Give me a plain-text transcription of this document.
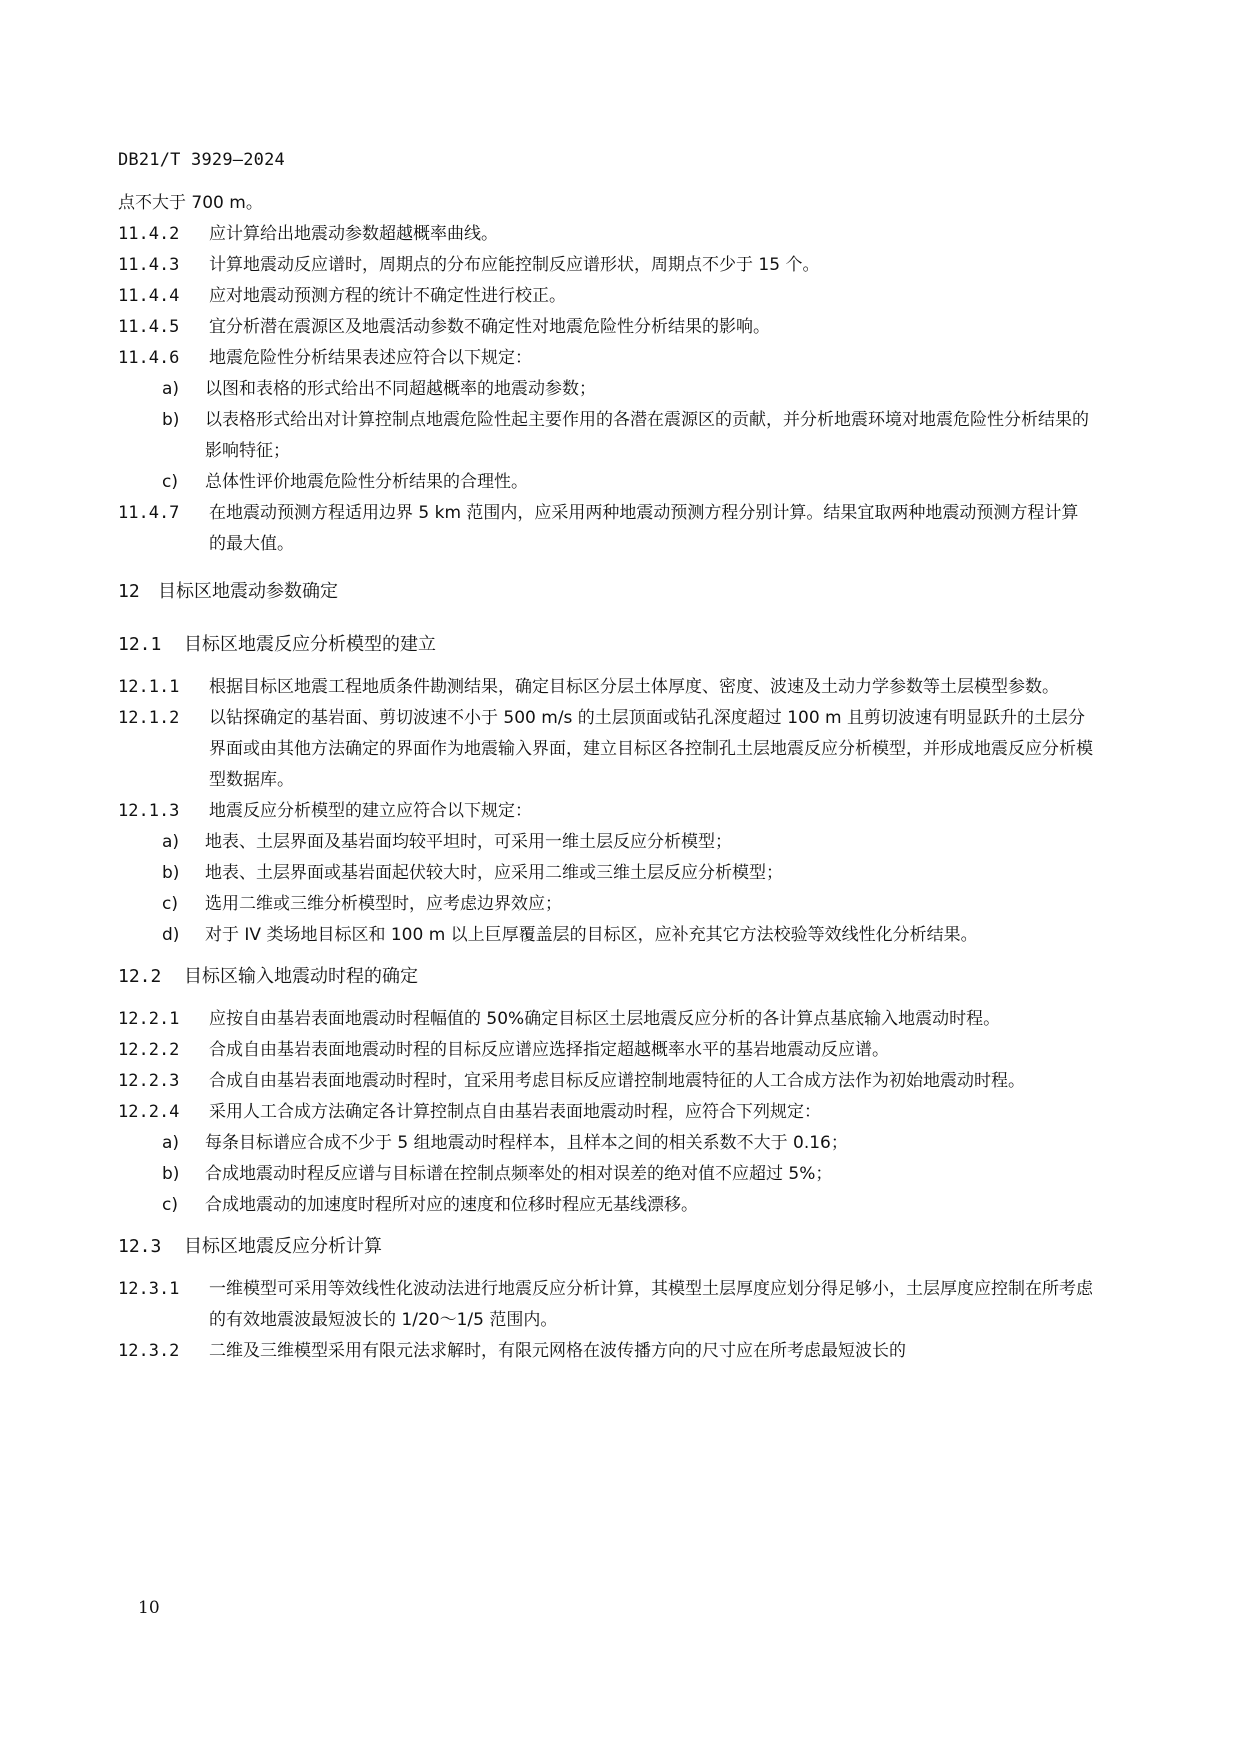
DB21/T 3929—2024

点不大于 700 m。

11.4.2	应计算给出地震动参数超越概率曲线。
11.4.3	计算地震动反应谱时，周期点的分布应能控制反应谱形状，周期点不少于 15 个。
11.4.4	应对地震动预测方程的统计不确定性进行校正。
11.4.5	宜分析潜在震源区及地震活动参数不确定性对地震危险性分析结果的影响。
11.4.6	地震危险性分析结果表述应符合以下规定：
a)	以图和表格的形式给出不同超越概率的地震动参数；
b)	以表格形式给出对计算控制点地震危险性起主要作用的各潜在震源区的贡献，并分析地震环境对地震危险性分析结果的影响特征；
c)	总体性评价地震危险性分析结果的合理性。
11.4.7	在地震动预测方程适用边界 5 km 范围内，应采用两种地震动预测方程分别计算。结果宜取两种地震动预测方程计算的最大值。
12	目标区地震动参数确定
12.1	目标区地震反应分析模型的建立
12.1.1	根据目标区地震工程地质条件勘测结果，确定目标区分层土体厚度、密度、波速及土动力学参数等土层模型参数。
12.1.2	以钻探确定的基岩面、剪切波速不小于 500 m/s 的土层顶面或钻孔深度超过 100 m 且剪切波速有明显跃升的土层分界面或由其他方法确定的界面作为地震输入界面，建立目标区各控制孔土层地震反应分析模型，并形成地震反应分析模型数据库。
12.1.3	地震反应分析模型的建立应符合以下规定：
a)	地表、土层界面及基岩面均较平坦时，可采用一维土层反应分析模型；
b)	地表、土层界面或基岩面起伏较大时，应采用二维或三维土层反应分析模型；
c)	选用二维或三维分析模型时，应考虑边界效应；
d)	对于 IV 类场地目标区和 100 m 以上巨厚覆盖层的目标区，应补充其它方法校验等效线性化分析结果。
12.2	目标区输入地震动时程的确定
12.2.1	应按自由基岩表面地震动时程幅值的 50%确定目标区土层地震反应分析的各计算点基底输入地震动时程。
12.2.2	合成自由基岩表面地震动时程的目标反应谱应选择指定超越概率水平的基岩地震动反应谱。
12.2.3	合成自由基岩表面地震动时程时，宜采用考虑目标反应谱控制地震特征的人工合成方法作为初始地震动时程。
12.2.4	采用人工合成方法确定各计算控制点自由基岩表面地震动时程，应符合下列规定：
a)	每条目标谱应合成不少于 5 组地震动时程样本，且样本之间的相关系数不大于 0.16；
b)	合成地震动时程反应谱与目标谱在控制点频率处的相对误差的绝对值不应超过 5%；
c)	合成地震动的加速度时程所对应的速度和位移时程应无基线漂移。
12.3	目标区地震反应分析计算
12.3.1	一维模型可采用等效线性化波动法进行地震反应分析计算，其模型土层厚度应划分得足够小，土层厚度应控制在所考虑的有效地震波最短波长的 1/20～1/5 范围内。
12.3.2	二维及三维模型采用有限元法求解时，有限元网格在波传播方向的尺寸应在所考虑最短波长的
10
